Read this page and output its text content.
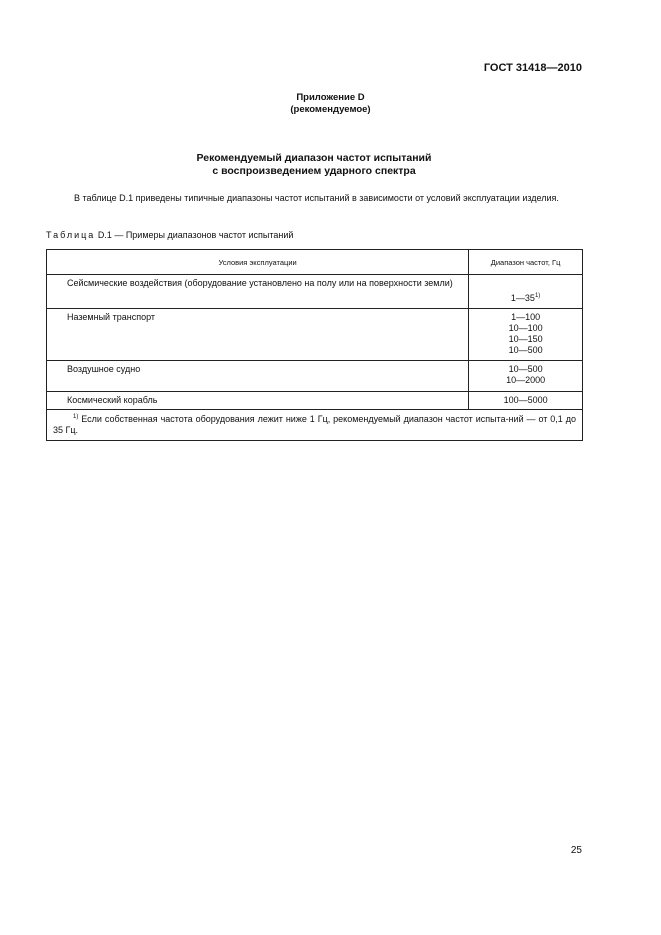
ГОСТ 31418—2010
Приложение D
(рекомендуемое)
Рекомендуемый диапазон частот испытаний
с воспроизведением ударного спектра
В таблице D.1 приведены типичные диапазоны частот испытаний в зависимости от условий эксплуатации изделия.
Таблица D.1 — Примеры диапазонов частот испытаний
Условия эксплуатации	Диапазон частот, Гц
Сейсмические воздействия (оборудование установлено на полу или на поверхности земли)	1—35$^{1)}$
Наземный транспорт	1—100
10—100
10—150
10—500

Воздушное судно	10—500
10—2000

Космический корабль	100—5000

$^{1)}$ Если собственная частота оборудования лежит ниже 1 Гц, рекомендуемый диапазон частот испыта-ний — от 0,1 до 35 Гц.	
25
